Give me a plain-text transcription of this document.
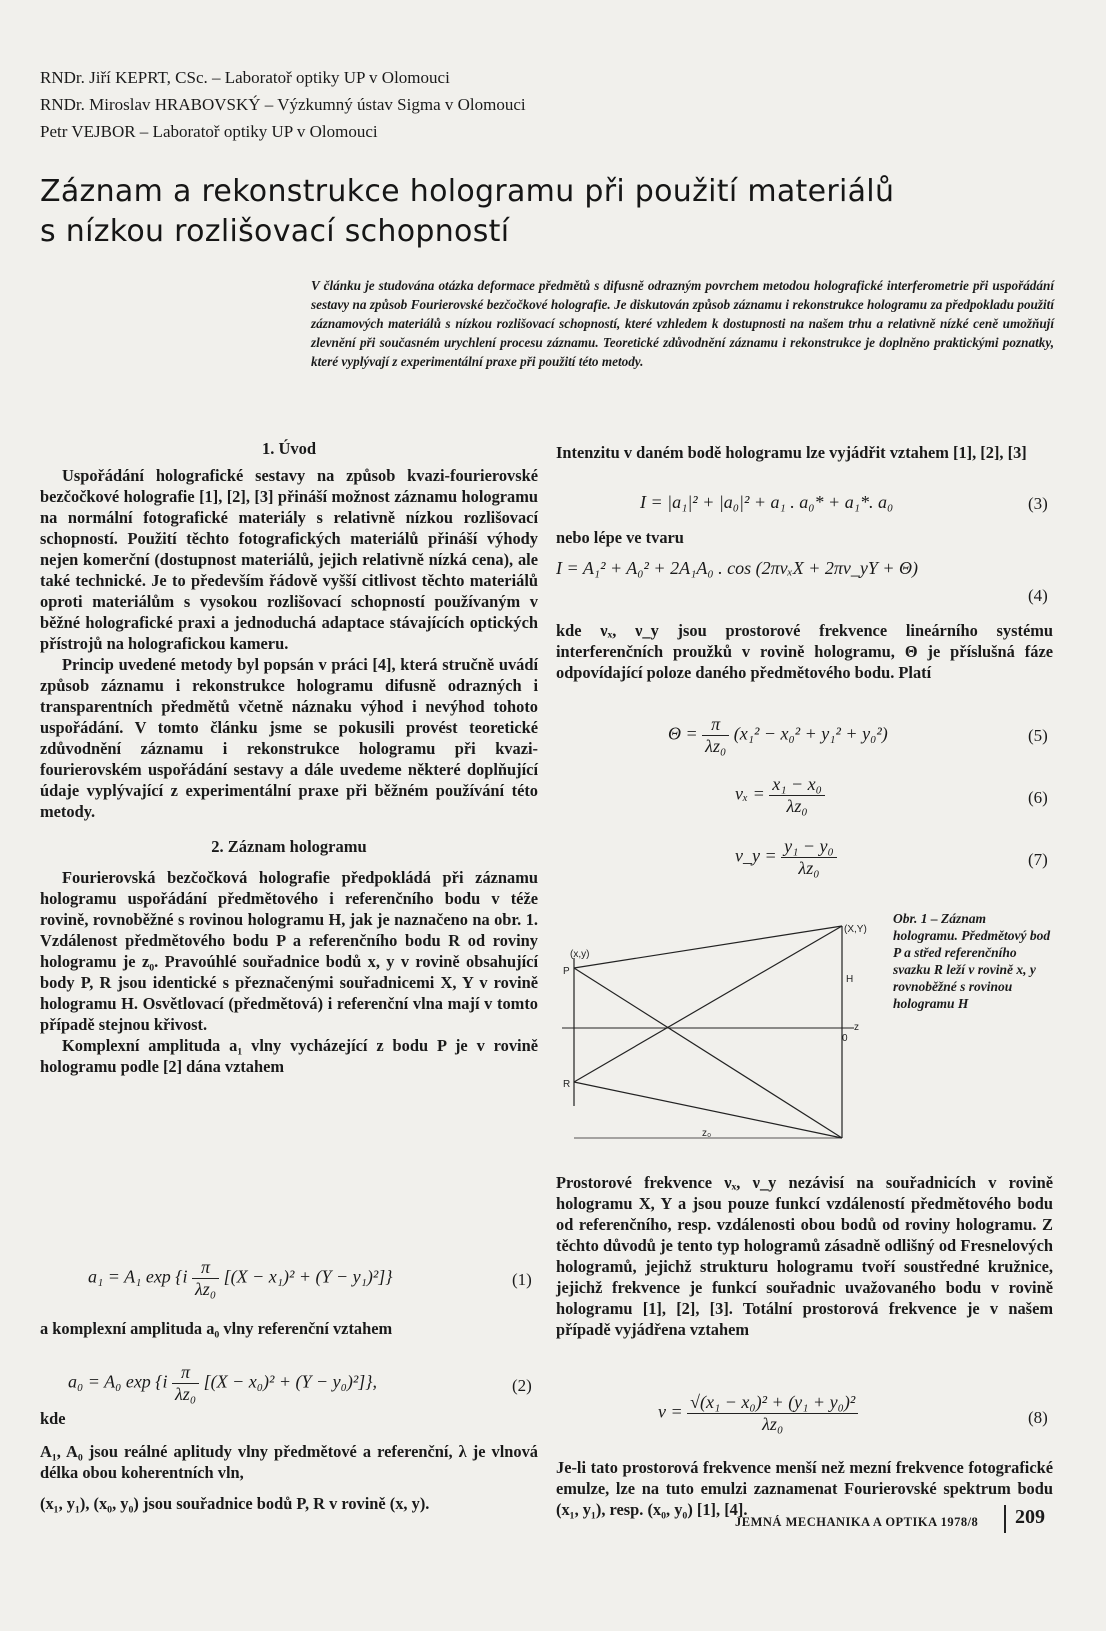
RNDr. Jiří KEPRT, CSc. – Laboratoř optiky UP v Olomouci
RNDr. Miroslav HRABOVSKÝ – Výzkumný ústav Sigma v Olomouci
Petr VEJBOR – Laboratoř optiky UP v Olomouci
Záznam a rekonstrukce hologramu při použití materiálů
s nízkou rozlišovací schopností
V článku je studována otázka deformace předmětů s difusně odrazným povrchem metodou holografické interferometrie při uspořádání sestavy na způsob Fourierovské bezčočkové holografie. Je diskutován způsob záznamu i rekonstrukce hologramu za předpokladu použití záznamových materiálů s nízkou rozlišovací schopností, které vzhledem k dostupnosti na našem trhu a relativně nízké ceně umožňují zlevnění při současném urychlení procesu záznamu. Teoretické zdůvodnění záznamu i rekonstrukce je doplněno praktickými poznatky, které vyplývají z experimentální praxe při použití této metody.
1. Úvod

Uspořádání holografické sestavy na způsob kvazi-fourierovské bezčočkové holografie [1], [2], [3] přináší možnost záznamu hologramu na normální fotografické materiály s relativně nízkou rozlišovací schopností. Použití těchto fotografických materiálů přináší výhody nejen komerční (dostupnost materiálů, jejich relativně nízká cena), ale také technické. Je to především řádově vyšší citlivost těchto materiálů oproti materiálům s vysokou rozlišovací schopností používaným v běžné holografické praxi a jednoduchá adaptace stávajících optických přístrojů na holografickou kameru.

Princip uvedené metody byl popsán v práci [4], která stručně uvádí způsob záznamu i rekonstrukce hologramu difusně odrazných i transparentních předmětů včetně náznaku výhod i nevýhod tohoto uspořádání. V tomto článku jsme se pokusili provést teoretické zdůvodnění záznamu i rekonstrukce hologramu při kvazi-fourierovském uspořádání sestavy a dále uvedeme některé doplňující údaje vyplývající z experimentální praxe při běžném používání této metody.

2. Záznam hologramu

Fourierovská bezčočková holografie předpokládá při záznamu hologramu uspořádání předmětového i referenčního bodu v téže rovině, rovnoběžné s rovinou hologramu H, jak je naznačeno na obr. 1. Vzdálenost předmětového bodu P a referenčního bodu R od roviny hologramu je z₀. Pravoúhlé souřadnice bodů x, y v rovině obsahující body P, R jsou identické s přeznačenými souřadnicemi X, Y v rovině hologramu H. Osvětlovací (předmětová) i referenční vlna mají v tomto případě stejnou křivost.

Komplexní amplituda a₁ vlny vycházející z bodu P je v rovině hologramu podle [2] dána vztahem

a₁ = A₁ $\exp \{i \frac{\pi}{\text{λz₀}} [(X - x_1)^2 + (Y - y_1)^2]\}$	(1)
a komplexní amplituda a₀ vlny referenční vztahem
a₀ = A₀ $\exp \{i \frac{\pi}{\text{λz₀}} [(X - x_0)^2 + (Y - y_0)^2]\}$,	(2)

kde

A₁, A₀ jsou reálné aplitudy vlny předmětové a referenční, λ je vlnová délka obou koherentních vln,

(x₁, y₁), (x₀, y₀) jsou souřadnice bodů P, R v rovině (x, y).

Intenzitu v daném bodě hologramu lze vyjádřit vztahem [1], [2], [3]
I = |a₁|² + |a₀|² + a₁ . a₀* + a₁*. a₀	(3)
nebo lépe ve tvaru
I = A₁² + A₀² + 2A₁A₀ . cos (2πνₓX + 2πν_yY + Θ)
(4)
kde νₓ, ν_y jsou prostorové frekvence lineárního systému interferenčních proužků v rovině hologramu, Θ je příslušná fáze odpovídající poloze daného předmětového bodu. Platí
$\Theta = \frac{\pi}{\text{λz₀}} (x_1^2 - x_0^2 + y_1^2 + y_0^2)$	(5)
$\nu_x = \frac{\text{x₁ − x₀}}{\text{λz₀}}$	(6)
ν_y = $\frac{\text{y₁ − y₀}}{\text{λz₀}}$	(7)
(x,y)
(X,Y)
P
R
H
0
z
z₀
Obr. 1 – Záznam hologramu. Předmětový bod P a střed referenčního svazku R leží v rovině x, y rovnoběžné s rovinou hologramu H
Prostorové frekvence νₓ, ν_y nezávisí na souřadnicích v rovině hologramu X, Y a jsou pouze funkcí vzdáleností předmětového bodu od referenčního, resp. vzdálenosti obou bodů od roviny hologramu. Z těchto důvodů je tento typ hologramů zásadně odlišný od Fresnelových hologramů, jejichž strukturu hologramu tvoří soustředné kružnice, jejichž frekvence je funkcí souřadnic uvažovaného bodu v rovině hologramu [1], [2], [3]. Totální prostorová frekvence je v našem případě vyjádřena vztahem
$\nu = \frac{\text{√(x₁ − x₀)² + (y₁ + y₀)²}}{\text{λz₀}}$	(8)
Je-li tato prostorová frekvence menší než mezní frekvence fotografické emulze, lze na tuto emulzi zaznamenat Fourierovské spektrum bodu (x₁, y₁), resp. (x₀, y₀) [1], [4].
JEMNÁ MECHANIKA A OPTIKA 1978/8 209
